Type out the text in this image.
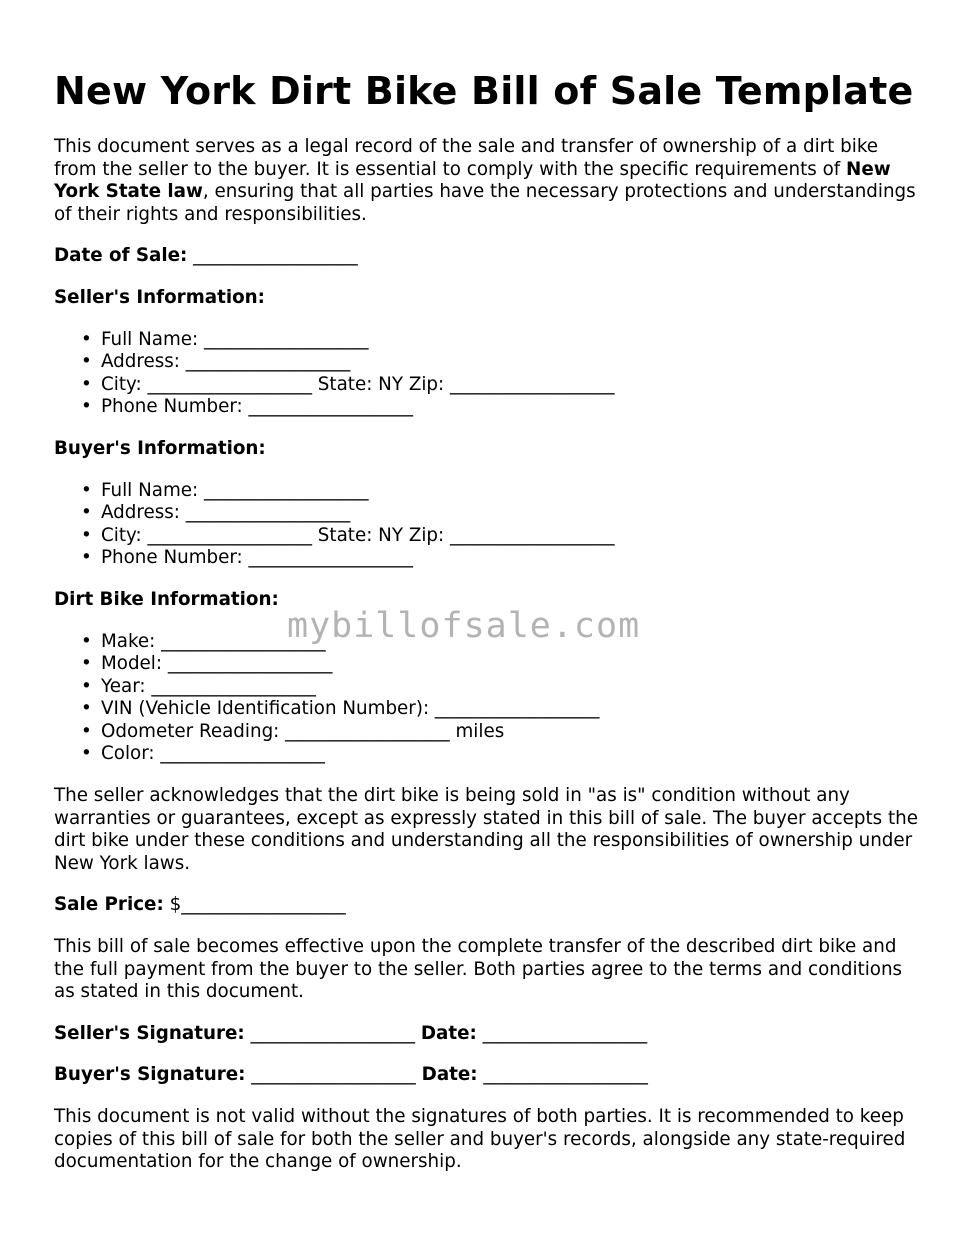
New York Dirt Bike Bill of Sale Template

This document serves as a legal record of the sale and transfer of ownership of a dirt bike from the seller to the buyer. It is essential to comply with the specific requirements of New York State law, ensuring that all parties have the necessary protections and understandings of their rights and responsibilities.

Date of Sale: __________________
Seller's Information:
• Full Name: __________________
• Address: __________________
• City: __________________ State: NY Zip: __________________
• Phone Number: __________________
Buyer's Information:
• Full Name: __________________
• Address: __________________
• City: __________________ State: NY Zip: __________________
• Phone Number: __________________
Dirt Bike Information:
• Make: __________________
• Model: __________________
• Year: __________________
• VIN (Vehicle Identification Number): __________________
• Odometer Reading: __________________ miles
• Color: __________________

The seller acknowledges that the dirt bike is being sold in "as is" condition without any warranties or guarantees, except as expressly stated in this bill of sale. The buyer accepts the dirt bike under these conditions and understanding all the responsibilities of ownership under New York laws.

Sale Price: $__________________

This bill of sale becomes effective upon the complete transfer of the described dirt bike and the full payment from the buyer to the seller. Both parties agree to the terms and conditions as stated in this document.

Seller's Signature: __________________ Date: __________________
Buyer's Signature: __________________ Date: __________________

This document is not valid without the signatures of both parties. It is recommended to keep copies of this bill of sale for both the seller and buyer's records, alongside any state-required documentation for the change of ownership.

mybillofsale.com
